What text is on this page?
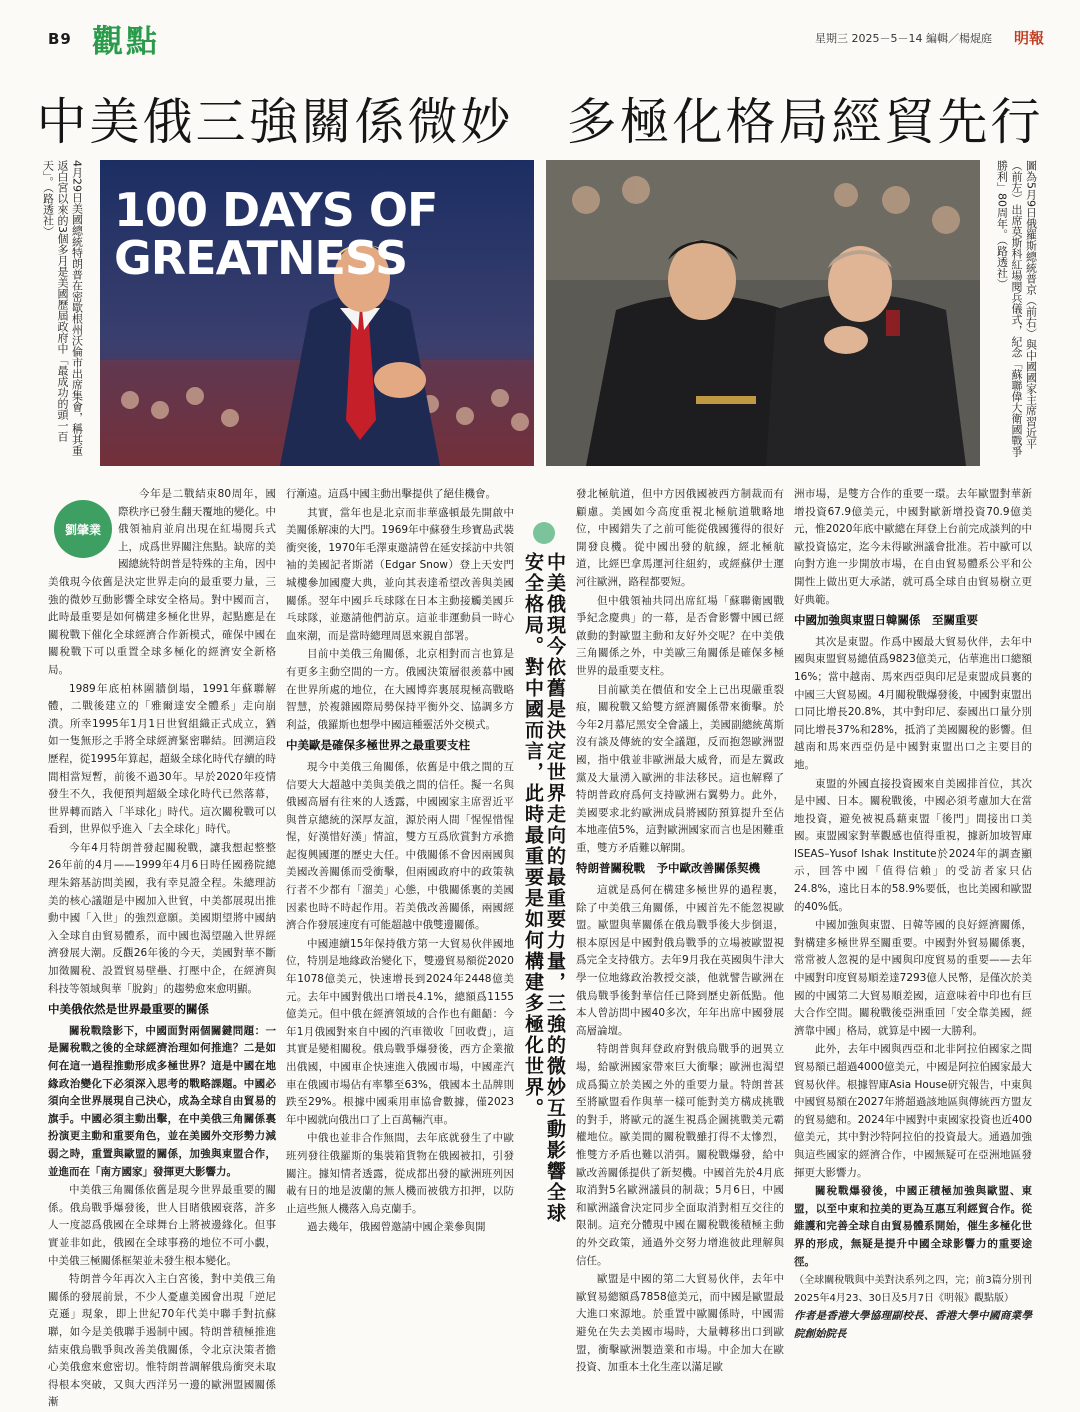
B9 觀點	星期三 2025－5－14 編輯／楊焜庭 明報
中美俄三強關係微妙　多極化格局經貿先行
4月29日美國總統特朗普在密歇根州沃倫市出席集會，稱其重返白宮以來的3個多月是美國歷屆政府中「最成功的頭一百天」。（路透社）	100 DAYS OF GREATNESS	圖為5月9日俄羅斯總統普京（前右）與中國國家主席習近平（前左）出席莫斯科紅場閱兵儀式，紀念「蘇聯偉大衛國戰爭勝利」80周年。（路透社）
劉肇業

今年是二戰結束80周年，國際秩序已發生翻天覆地的變化。中俄領袖肩並肩出現在紅場閱兵式上，成爲世界關注焦點。缺席的美國總統特朗普是特殊的主角，因中美俄現今依舊是決定世界走向的最重要力量，三強的微妙互動影響全球安全格局。對中國而言，此時最重要是如何構建多極化世界，起點應是在關稅戰下催化全球經濟合作新模式，確保中國在關稅戰下可以重置全球多極化的經濟安全新格局。

1989年底柏林圍牆倒塌，1991年蘇聯解體，二戰後建立的「雅爾達安全體系」走向崩潰。所幸1995年1月1日世貿組織正式成立，猶如一隻無形之手將全球經濟緊密聯結。回溯這段歷程，從1995年算起，超級全球化時代存續的時間相當短暫，前後不過30年。早於2020年疫情發生不久，我便預判超級全球化時代已然落幕，世界轉而踏入「半球化」時代。這次關稅戰可以看到，世界似乎進入「去全球化」時代。

今年4月特朗普發起關稅戰，讓我想起整整26年前的4月——1999年4月6日時任國務院總理朱鎔基訪問美國，我有幸見證全程。朱總理訪美的核心議題是中國加入世貿，中美都展現出推動中國「入世」的強烈意願。美國期望將中國納入全球自由貿易體系，而中國也渴望融入世界經濟發展大潮。反觀26年後的今天，美國對華不斷加徵關稅、設置貿易壁壘、打壓中企，在經濟與科技等領域與華「脫鈎」的趨勢愈來愈明顯。

中美俄依然是世界最重要的關係

關稅戰陰影下，中國面對兩個關鍵問題：一是關稅戰之後的全球經濟治理如何推進？二是如何在這一過程推動形成多極世界？這是中國在地緣政治變化下必須深入思考的戰略課題。中國必須向全世界展現自己決心，成為全球自由貿易的旗手。中國必須主動出擊，在中美俄三角關係裏扮演更主動和重要角色，並在美國外交形勢力減弱之時，重置與歐盟的關係，加強與東盟合作，並進而在「南方國家」發揮更大影響力。

中美俄三角關係依舊是現今世界最重要的關係。俄烏戰爭爆發後，世人目睹俄國衰落，許多人一度認爲俄國在全球舞台上將被邊緣化。但事實並非如此，俄國在全球事務的地位不可小覷，中美俄三極關係框架並未發生根本變化。

特朗普今年再次入主白宮後，對中美俄三角關係的發展前景，不少人憂慮美國會出現「逆尼克遜」現象，即上世紀70年代美中聯手對抗蘇聯，如今是美俄聯手遏制中國。特朗普積極推進結束俄烏戰爭與改善美俄關係，令北京決策者擔心美俄愈來愈密切。惟特朗普調解俄烏衝突未取得根本突破，又與大西洋另一邊的歐洲盟國關係漸

行漸遠。這爲中國主動出擊提供了絕佳機會。

其實，當年也是北京而非華盛頓最先開啟中美關係解凍的大門。1969年中蘇發生珍寶島武裝衝突後，1970年毛澤東邀請曾在延安採訪中共領袖的美國記者斯諾（Edgar Snow）登上天安門城樓參加國慶大典，並向其表達希望改善與美國關係。翌年中國乒乓球隊在日本主動接觸美國乒乓球隊，並邀請他們訪京。這並非運動員一時心血來潮，而是當時總理周恩來親自部署。

目前中美俄三角關係，北京相對而言也算是有更多主動空間的一方。俄國決策層很羨慕中國在世界所處的地位，在大國博弈裏展現極高戰略智慧，於複雜國際局勢保持平衡外交、協調多方利益，俄羅斯也想學中國這種靈活外交模式。

中美歐是確保多極世界之最重要支柱

現今中美俄三角關係，依舊是中俄之間的互信要大大超越中美與美俄之間的信任。擬一名與俄國高層有往來的人透露，中國國家主席習近平與普京總統的深厚友誼，源於兩人間「惺惺惜惺惺，好漢惜好漢」情誼，雙方互爲欣賞對方承擔起復興國運的歷史大任。中俄關係不會因兩國與美國改善關係而受衝擊，但兩國政府中的政策執行者不少都有「溜美」心態，中俄關係裏的美國因素也時不時起作用。若美俄改善關係，兩國經濟合作發展速度有可能超越中俄雙邊關係。

中國連續15年保持俄方第一大貿易伙伴國地位，特別是地緣政治變化下，雙邊貿易額從2020年1078億美元，快速增長到2024年2448億美元。去年中國對俄出口增長4.1%，總額爲1155億美元。但中俄在經濟領域的合作也有齟齬：今年1月俄國對來自中國的汽車徵收「回收費」，這其實是變相關稅。俄烏戰爭爆發後，西方企業撤出俄國，中國車企快速進入俄國市場，中國產汽車在俄國市場佔有率攀至63%，俄國本土品牌則跌至29%。根據中國乘用車協會數據，僅2023年中國就向俄出口了上百萬輛汽車。

中俄也並非合作無間，去年底就發生了中歐班列發往俄羅斯的集裝箱貨物在俄國被扣，引發關注。據知情者透露，從成都出發的歐洲班列因載有日的地是波蘭的無人機而被俄方扣押，以防止這些無人機落入烏克蘭手。

過去幾年，俄國曾邀請中國企業參與開

中美俄現今依舊是決定世界走向的最重要力量，三強的微妙互動影響全球安全格局。對中國而言，此時最重要是如何構建多極化世界。

發北極航道，但中方因俄國被西方制裁而有顧慮。美國如今高度重視北極航道戰略地位，中國錯失了之前可能從俄國獲得的很好開發良機。從中國出發的航線，經北極航道，比經巴拿馬運河往紐約，或經蘇伊士運河往歐洲，路程都要短。

但中俄領袖共同出席紅場「蘇聯衛國戰爭紀念慶典」的一幕，是否會影響中國已經啟動的對歐盟主動和友好外交呢？在中美俄三角關係之外，中美歐三角關係是確保多極世界的最重要支柱。

目前歐美在價值和安全上已出現嚴重裂痕，關稅戰又給雙方經濟關係帶來衝擊。於今年2月慕尼黑安全會議上，美國副總統萬斯沒有談及傳統的安全議題，反而抱怨歐洲盟國，指中俄並非歐洲最大威脅，而是左翼政黨及大量湧入歐洲的非法移民。這也解釋了特朗普政府爲何支持歐洲右翼勢力。此外，美國要求北約歐洲成員將國防預算提升至佔本地產值5%，這對歐洲國家而言也是困難重重，雙方矛盾難以解開。

特朗普關稅戰　予中歐改善關係契機

這就是爲何在構建多極世界的過程裏，除了中美俄三角關係，中國首先不能忽視歐盟。歐盟與華關係在俄烏戰爭後大步倒退，根本原因是中國對俄烏戰爭的立場被歐盟視爲完全支持俄方。去年9月我在英國與牛津大學一位地緣政治教授交談，他就譬告歐洲在俄烏戰爭後對華信任已降到歷史新低點。他本人曾訪問中國40多次，年年出席中國發展高層論壇。

特朗普與拜登政府對俄烏戰爭的迥異立場，給歐洲國家帶來巨大衝擊；歐洲也渴望成爲獨立於美國之外的重要力量。特朗普甚至將歐盟看作與華一樣可能對美方構成挑戰的對手，將歐元的誕生視爲企圖挑戰美元霸權地位。歐美間的關稅戰雖打得不太慘烈，惟雙方矛盾也難以消弭。關稅戰爆發，給中歐改善關係提供了新契機。中國首先於4月底取消對5名歐洲議員的制裁；5月6日，中國和歐洲議會決定同步全面取消對相互交往的限制。這充分體現中國在關稅戰後積極主動的外交政策，通過外交努力增進彼此理解與信任。

歐盟是中國的第二大貿易伙伴，去年中歐貿易總額爲7858億美元，而中國是歐盟最大進口來源地。於重置中歐關係時，中國需避免在失去美國市場時，大量轉移出口到歐盟，衝擊歐洲製造業和市場。中企加大在歐投資、加重本土化生產以滿足歐

洲市場，是雙方合作的重要一環。去年歐盟對華新增投資67.9億美元，中國對歐新增投資70.9億美元，惟2020年底中歐總在拜登上台前完成談判的中歐投資協定，迄今未得歐洲議會批准。若中歐可以向對方進一步開放市場，在自由貿易體系公平和公開性上做出更大承諾，就可爲全球自由貿易樹立更好典範。

中國加強與東盟日韓關係　至關重要

其次是東盟。作爲中國最大貿易伙伴，去年中國與東盟貿易總值爲9823億美元，佔華進出口總額16%；當中越南、馬來西亞與印尼是東盟成員裏的中國三大貿易國。4月關稅戰爆發後，中國對東盟出口同比增長20.8%，其中對印尼、泰國出口量分別同比增長37%和28%，抵消了美國關稅的影響。但越南和馬來西亞仍是中國對東盟出口之主要目的地。

東盟的外國直接投資國來自美國排首位，其次是中國、日本。關稅戰後，中國必須考慮加大在當地投資，避免被視爲藉東盟「後門」間接出口美國。東盟國家對華觀感也值得重視，據新加坡智庫ISEAS–Yusof Ishak Institute於2024年的調查顯示，回答中國「值得信賴」的受訪者家只佔24.8%，遠比日本的58.9%要低，也比美國和歐盟的40%低。

中國加強與東盟、日韓等國的良好經濟關係，對構建多極世界至關重要。中國對外貿易關係裏，常常被人忽視的是中國與印度貿易的重要——去年中國對印度貿易順差達7293億人民幣，是僅次於美國的中國第二大貿易順差國，這意味着中印也有巨大合作空間。關稅戰後亞洲重回「安全靠美國，經濟靠中國」格局，就算是中國一大勝利。

此外，去年中國與西亞和北非阿拉伯國家之間貿易額已超過4000億美元，中國是阿拉伯國家最大貿易伙伴。根據智庫Asia House研究報告，中東與中國貿易額在2027年將超過該地區與傳統西方盟友的貿易總和。2024年中國對中東國家投資也近400億美元，其中對沙特阿拉伯的投資最大。通過加強與這些國家的經濟合作，中國無疑可在亞洲地區發揮更大影響力。

關稅戰爆發後，中國正積極加強與歐盟、東盟，以至中東和拉美的更為互惠互利經貿合作。從維護和完善全球自由貿易體系開始，催生多極化世界的形成，無疑是提升中國全球影響力的重要途徑。

（全球關稅戰與中美對決系列之四，完；前3篇分別刊2025年4月23、30日及5月7日《明報》觀點版）

作者是香港大學協理副校長、香港大學中國商業學院創始院長
